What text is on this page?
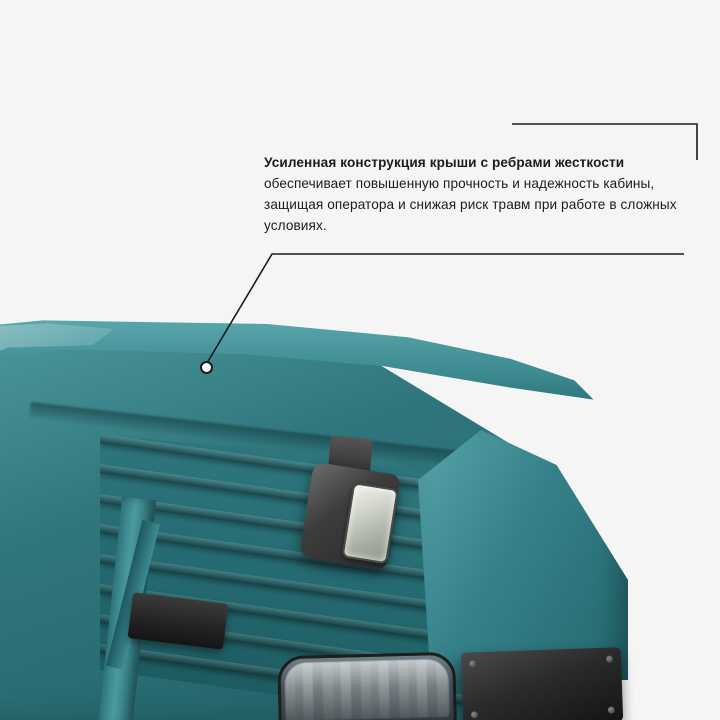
Усиленная конструкция крыши с ребрами жесткости обеспечивает повышенную прочность и надежность кабины, защищая оператора и снижая риск травм при работе в сложных условиях.
